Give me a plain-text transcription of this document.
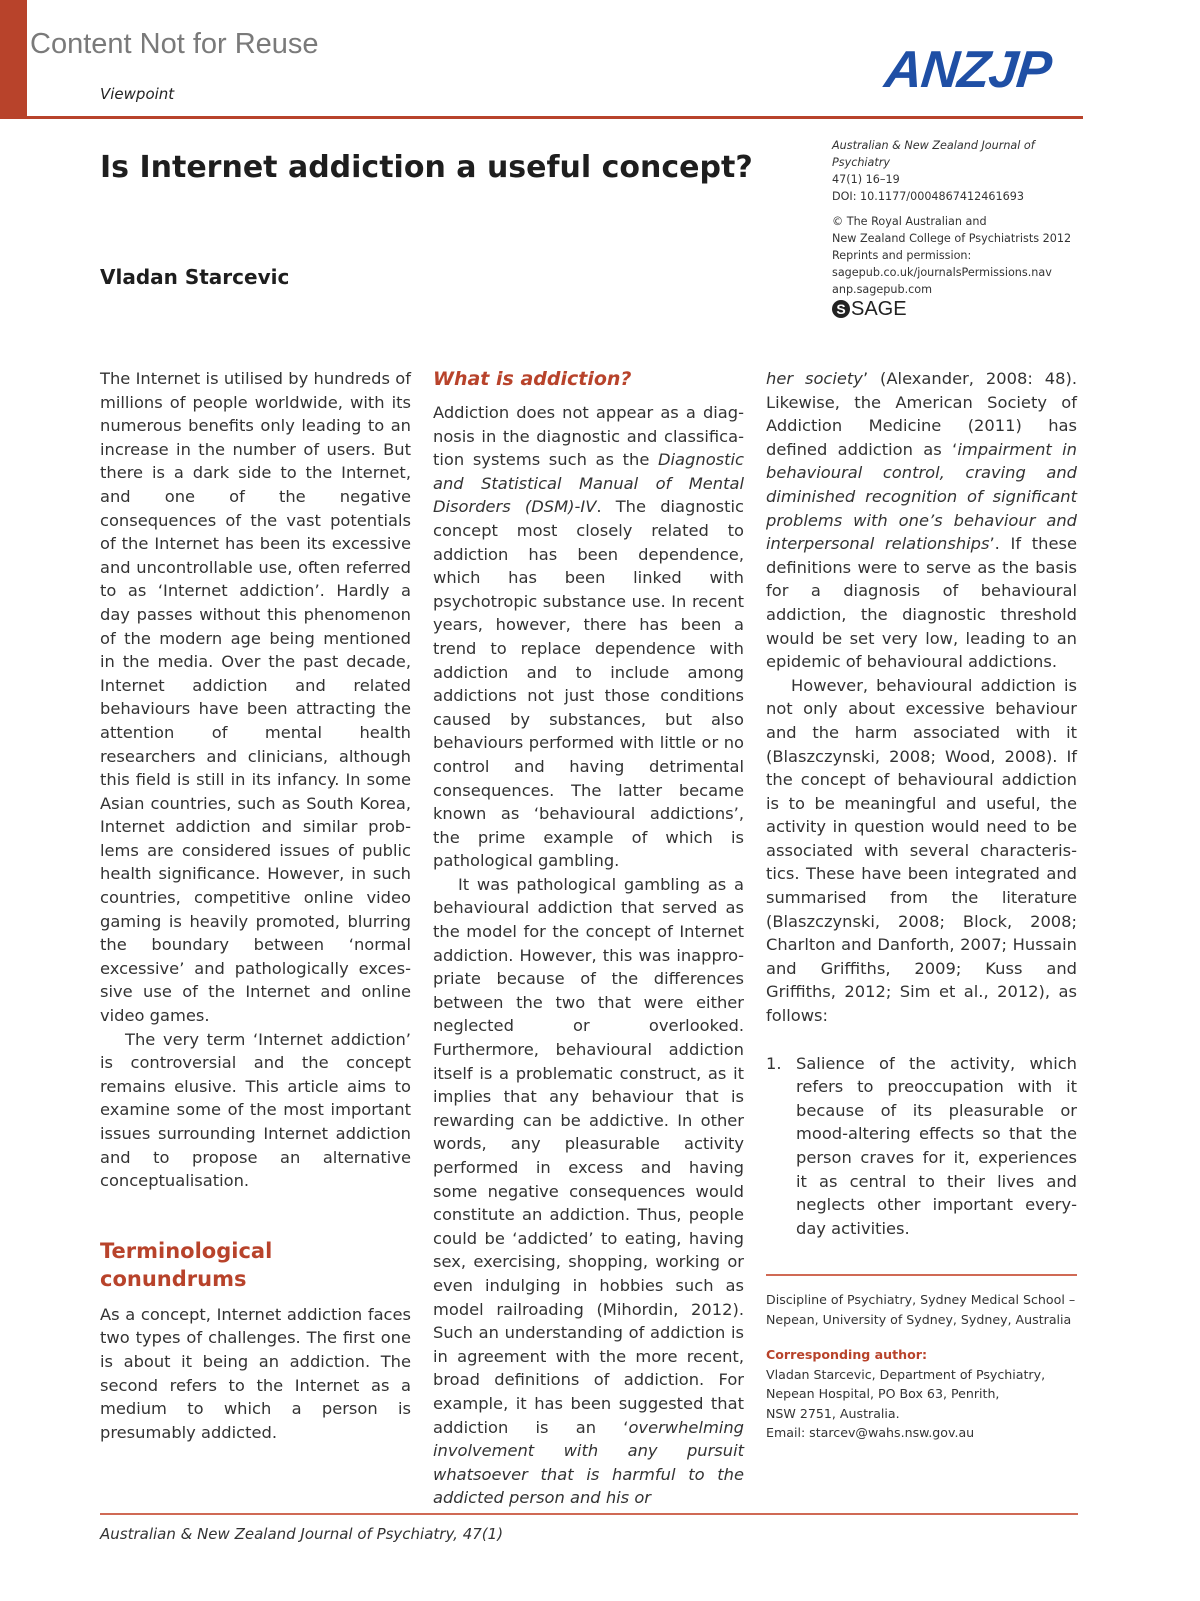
Content Not for Reuse
Viewpoint	ANZJP
Is Internet addiction a useful concept?
Vladan Starcevic
Australian & New Zealand Journal of Psychiatry
47(1) 16–19
DOI: 10.1177/0004867412461693
© The Royal Australian and
New Zealand College of Psychiatrists 2012
Reprints and permission:
sagepub.co.uk/journalsPermissions.nav
anp.sagepub.com
S SAGE

The Internet is utilised by hundreds of millions of people worldwide, with its numerous benefits only leading to an increase in the number of users. But there is a dark side to the Internet, and one of the negative consequences of the vast potentials of the Internet has been its excessive and uncontrollable use, often referred to as ‘Internet addiction’. Hardly a day passes without this phenomenon of the modern age being mentioned in the media. Over the past decade, Internet addiction and related behaviours have been attracting the attention of mental health researchers and clinicians, although this field is still in its infancy. In some Asian countries, such as South Korea, Internet addiction and similar problems are considered issues of public health significance. However, in such countries, competitive online video gaming is heavily promoted, blurring the boundary between ‘normal excessive’ and pathologically excessive use of the Internet and online video games.

The very term ‘Internet addiction’ is controversial and the concept remains elusive. This article aims to examine some of the most important issues surrounding Internet addiction and to propose an alternative conceptualisation.

Terminological conundrums

As a concept, Internet addiction faces two types of challenges. The first one is about it being an addiction. The second refers to the Internet as a medium to which a person is presumably addicted.

What is addiction?

Addiction does not appear as a diagnosis in the diagnostic and classification systems such as the Diagnostic and Statistical Manual of Mental Disorders (DSM)-IV. The diagnostic concept most closely related to addiction has been dependence, which has been linked with psychotropic substance use. In recent years, however, there has been a trend to replace dependence with addiction and to include among addictions not just those conditions caused by substances, but also behaviours performed with little or no control and having detrimental consequences. The latter became known as ‘behavioural addictions’, the prime example of which is pathological gambling.

It was pathological gambling as a behavioural addiction that served as the model for the concept of Internet addiction. However, this was inappropriate because of the differences between the two that were either neglected or overlooked. Furthermore, behavioural addiction itself is a problematic construct, as it implies that any behaviour that is rewarding can be addictive. In other words, any pleasurable activity performed in excess and having some negative consequences would constitute an addiction. Thus, people could be ‘addicted’ to eating, having sex, exercising, shopping, working or even indulging in hobbies such as model railroading (Mihordin, 2012). Such an understanding of addiction is in agreement with the more recent, broad definitions of addiction. For example, it has been suggested that addiction is an ‘overwhelming involvement with any pursuit whatsoever that is harmful to the addicted person and his or

her society’ (Alexander, 2008: 48). Likewise, the American Society of Addiction Medicine (2011) has defined addiction as ‘impairment in behavioural control, craving and diminished recognition of significant problems with one’s behaviour and interpersonal relationships’. If these definitions were to serve as the basis for a diagnosis of behavioural addiction, the diagnostic threshold would be set very low, leading to an epidemic of behavioural addictions.

However, behavioural addiction is not only about excessive behaviour and the harm associated with it (Blaszczynski, 2008; Wood, 2008). If the concept of behavioural addiction is to be meaningful and useful, the activity in question would need to be associated with several characteristics. These have been integrated and summarised from the literature (Blaszczynski, 2008; Block, 2008; Charlton and Danforth, 2007; Hussain and Griffiths, 2009; Kuss and Griffiths, 2012; Sim et al., 2012), as follows:

1. Salience of the activity, which refers to preoccupation with it because of its pleasurable or mood-altering effects so that the person craves for it, experiences it as central to their lives and neglects other important everyday activities.
Discipline of Psychiatry, Sydney Medical School – Nepean, University of Sydney, Sydney, Australia
Corresponding author:
Vladan Starcevic, Department of Psychiatry,
Nepean Hospital, PO Box 63, Penrith,
NSW 2751, Australia.
Email: starcev@wahs.nsw.gov.au
Australian & New Zealand Journal of Psychiatry, 47(1)
